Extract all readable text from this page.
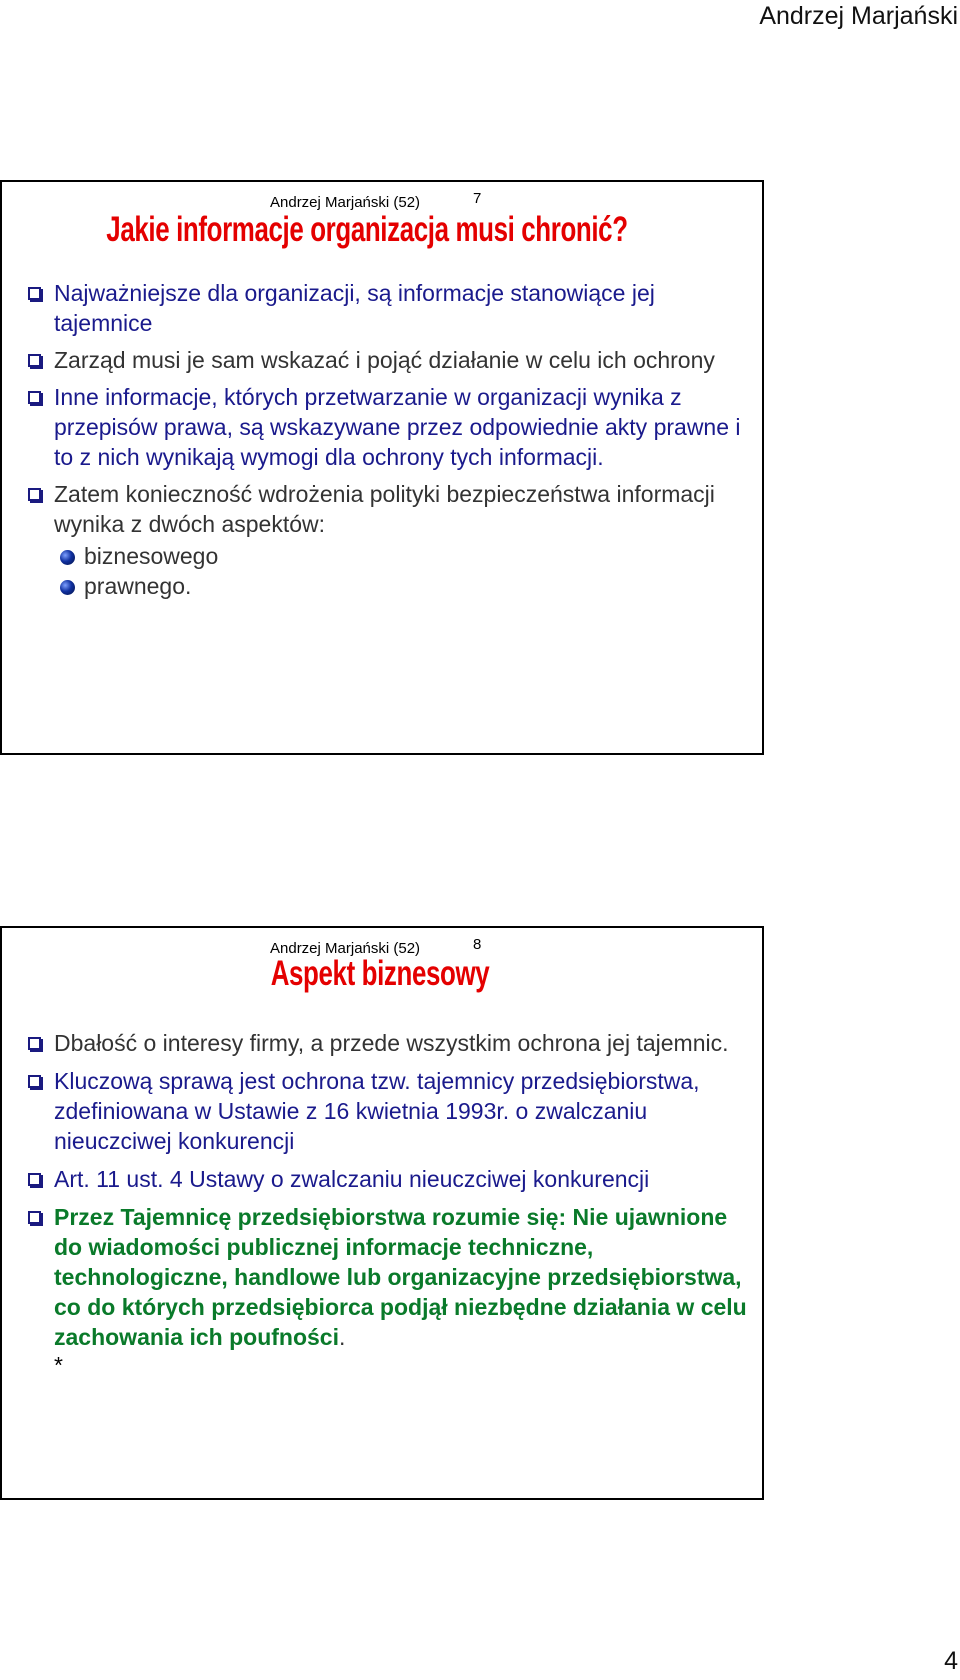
Andrzej Marjański
Andrzej Marjański (52)	7
Jakie informacje organizacja musi chronić?
Najważniejsze dla organizacji, są informacje stanowiące jej tajemnice
Zarząd musi je sam wskazać i pojąć działanie w celu ich ochrony
Inne informacje, których przetwarzanie w organizacji wynika z przepisów prawa, są wskazywane przez odpowiednie akty prawne i to z nich wynikają wymogi dla ochrony tych informacji.
Zatem konieczność wdrożenia polityki bezpieczeństwa informacji wynika z dwóch aspektów:
biznesowego
prawnego.
Andrzej Marjański (52)	8
Aspekt biznesowy
Dbałość o interesy firmy, a przede wszystkim ochrona jej tajemnic.
Kluczową sprawą jest ochrona tzw. tajemnicy przedsiębiorstwa, zdefiniowana w Ustawie z 16 kwietnia 1993r. o zwalczaniu nieuczciwej konkurencji
Art. 11 ust. 4 Ustawy o zwalczaniu nieuczciwej konkurencji
Przez Tajemnicę przedsiębiorstwa rozumie się: Nie ujawnione do wiadomości publicznej informacje techniczne, technologiczne, handlowe lub organizacyjne przedsiębiorstwa, co do których przedsiębiorca podjął niezbędne działania w celu zachowania ich poufności.
*
4
